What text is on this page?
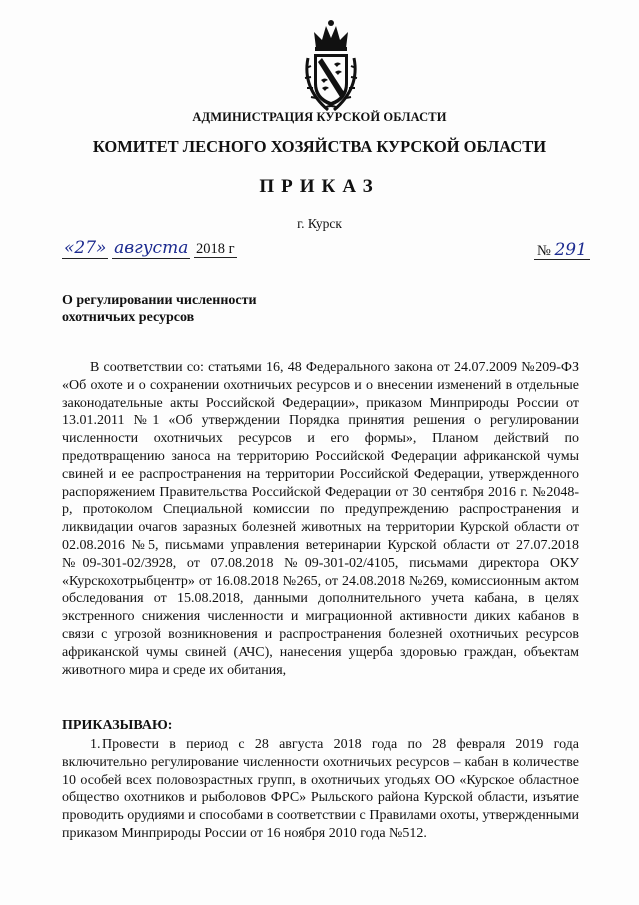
АДМИНИСТРАЦИЯ КУРСКОЙ ОБЛАСТИ
КОМИТЕТ ЛЕСНОГО ХОЗЯЙСТВА КУРСКОЙ ОБЛАСТИ
ПРИКАЗ
г. Курск
«27» августа 2018 г	№ 291
О регулировании численности
охотничьих ресурсов

В соответствии со: статьями 16, 48 Федерального закона от 24.07.2009 №209-ФЗ «Об охоте и о сохранении охотничьих ресурсов и о внесении изменений в отдельные законодательные акты Российской Федерации», приказом Минприроды России от 13.01.2011 №1 «Об утверждении Порядка принятия решения о регулировании численности охотничьих ресурсов и его формы», Планом действий по предотвращению заноса на территорию Российской Федерации африканской чумы свиней и ее распространения на территории Российской Федерации, утвержденного распоряжением Правительства Российской Федерации от 30 сентября 2016 г. №2048-р, протоколом Специальной комиссии по предупреждению распространения и ликвидации очагов заразных болезней животных на территории Курской области от 02.08.2016 №5, письмами управления ветеринарии Курской области от 27.07.2018 №09-301-02/3928, от 07.08.2018 №09-301-02/4105, письмами директора ОКУ «Курскохотрыбцентр» от 16.08.2018 №265, от 24.08.2018 №269, комиссионным актом обследования от 15.08.2018, данными дополнительного учета кабана, в целях экстренного снижения численности и миграционной активности диких кабанов в связи с угрозой возникновения и распространения болезней охотничьих ресурсов африканской чумы свиней (АЧС), нанесения ущерба здоровью граждан, объектам животного мира и среде их обитания,

ПРИКАЗЫВАЮ:

1. Провести в период с 28 августа 2018 года по 28 февраля 2019 года включительно регулирование численности охотничьих ресурсов – кабан в количестве 10 особей всех половозрастных групп, в охотничьих угодьях ОО «Курское областное общество охотников и рыболовов ФРС» Рыльского района Курской области, изъятие проводить орудиями и способами в соответствии с Правилами охоты, утвержденными приказом Минприроды России от 16 ноября 2010 года №512.
